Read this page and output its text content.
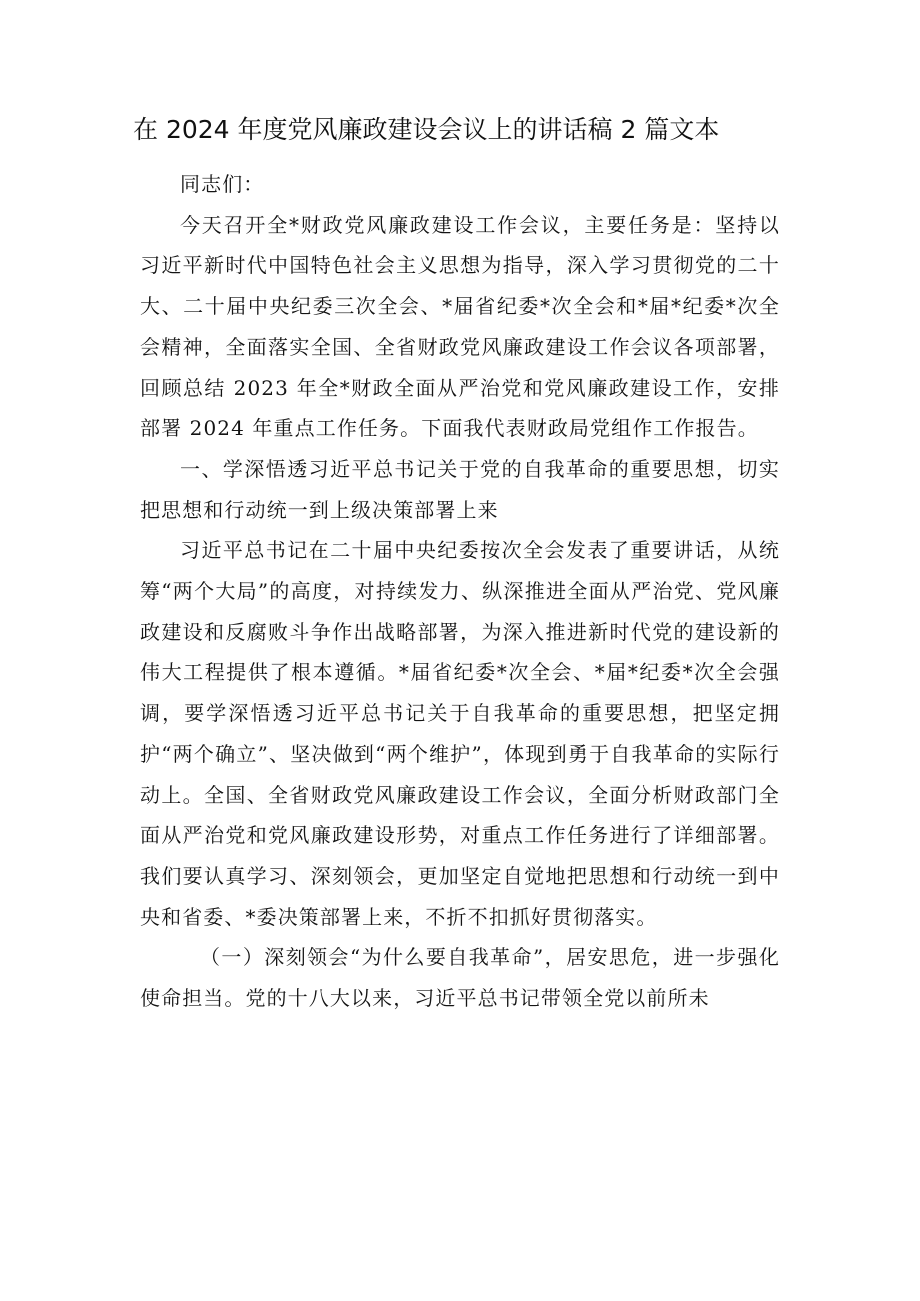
在 2024 年度党风廉政建设会议上的讲话稿 2 篇文本

同志们：

今天召开全*财政党风廉政建设工作会议，主要任务是：坚持以习近平新时代中国特色社会主义思想为指导，深入学习贯彻党的二十大、二十届中央纪委三次全会、*届省纪委*次全会和*届*纪委*次全会精神，全面落实全国、全省财政党风廉政建设工作会议各项部署，回顾总结 2023 年全*财政全面从严治党和党风廉政建设工作，安排部署 2024 年重点工作任务。下面我代表财政局党组作工作报告。

一、学深悟透习近平总书记关于党的自我革命的重要思想，切实把思想和行动统一到上级决策部署上来

习近平总书记在二十届中央纪委按次全会发表了重要讲话，从统筹“两个大局”的高度，对持续发力、纵深推进全面从严治党、党风廉政建设和反腐败斗争作出战略部署，为深入推进新时代党的建设新的伟大工程提供了根本遵循。*届省纪委*次全会、*届*纪委*次全会强调，要学深悟透习近平总书记关于自我革命的重要思想，把坚定拥护“两个确立”、坚决做到“两个维护”，体现到勇于自我革命的实际行动上。全国、全省财政党风廉政建设工作会议，全面分析财政部门全面从严治党和党风廉政建设形势，对重点工作任务进行了详细部署。我们要认真学习、深刻领会，更加坚定自觉地把思想和行动统一到中央和省委、*委决策部署上来，不折不扣抓好贯彻落实。

（一）深刻领会“为什么要自我革命”，居安思危，进一步强化使命担当。党的十八大以来，习近平总书记带领全党以前所未
